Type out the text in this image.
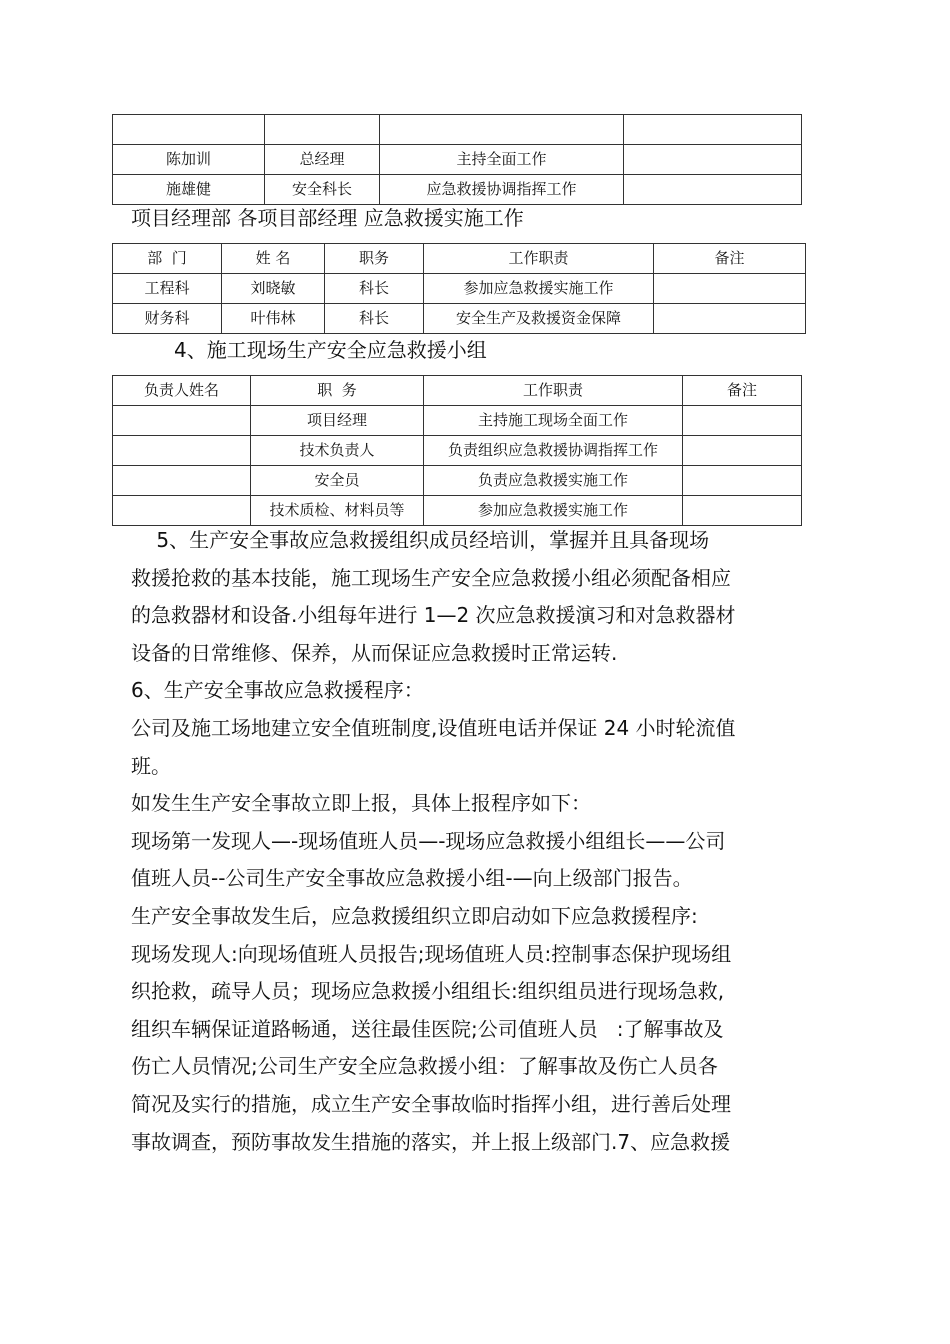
陈加训	总经理	主持全面工作	
施雄健	安全科长	应急救援协调指挥工作	
项目经理部 各项目部经理 应急救援实施工作
部  门	姓 名	职务	工作职责	备注
工程科	刘晓敏	科长	参加应急救援实施工作	
财务科	叶伟林	科长	安全生产及救援资金保障	
4、施工现场生产安全应急救援小组
负责人姓名	职  务	工作职责	备注
	项目经理	主持施工现场全面工作	
	技术负责人	负责组织应急救援协调指挥工作	
	安全员	负责应急救援实施工作	
	技术质检、材料员等	参加应急救援实施工作	
5、生产安全事故应急救援组织成员经培训，掌握并且具备现场
救援抢救的基本技能，施工现场生产安全应急救援小组必须配备相应
的急救器材和设备.小组每年进行 1—2 次应急救援演习和对急救器材
设备的日常维修、保养，从而保证应急救援时正常运转.
6、生产安全事故应急救援程序：
公司及施工场地建立安全值班制度,设值班电话并保证 24 小时轮流值
班。
如发生生产安全事故立即上报，具体上报程序如下：
现场第一发现人—-现场值班人员—-现场应急救援小组组长——公司
值班人员--公司生产安全事故应急救援小组-—向上级部门报告。
生产安全事故发生后，应急救援组织立即启动如下应急救援程序:
现场发现人:向现场值班人员报告;现场值班人员:控制事态保护现场组
织抢救，疏导人员；现场应急救援小组组长:组织组员进行现场急救,
组织车辆保证道路畅通，送往最佳医院;公司值班人员   :了解事故及
伤亡人员情况;公司生产安全应急救援小组：了解事故及伤亡人员各
简况及实行的措施，成立生产安全事故临时指挥小组，进行善后处理
事故调查，预防事故发生措施的落实，并上报上级部门.7、应急救援
